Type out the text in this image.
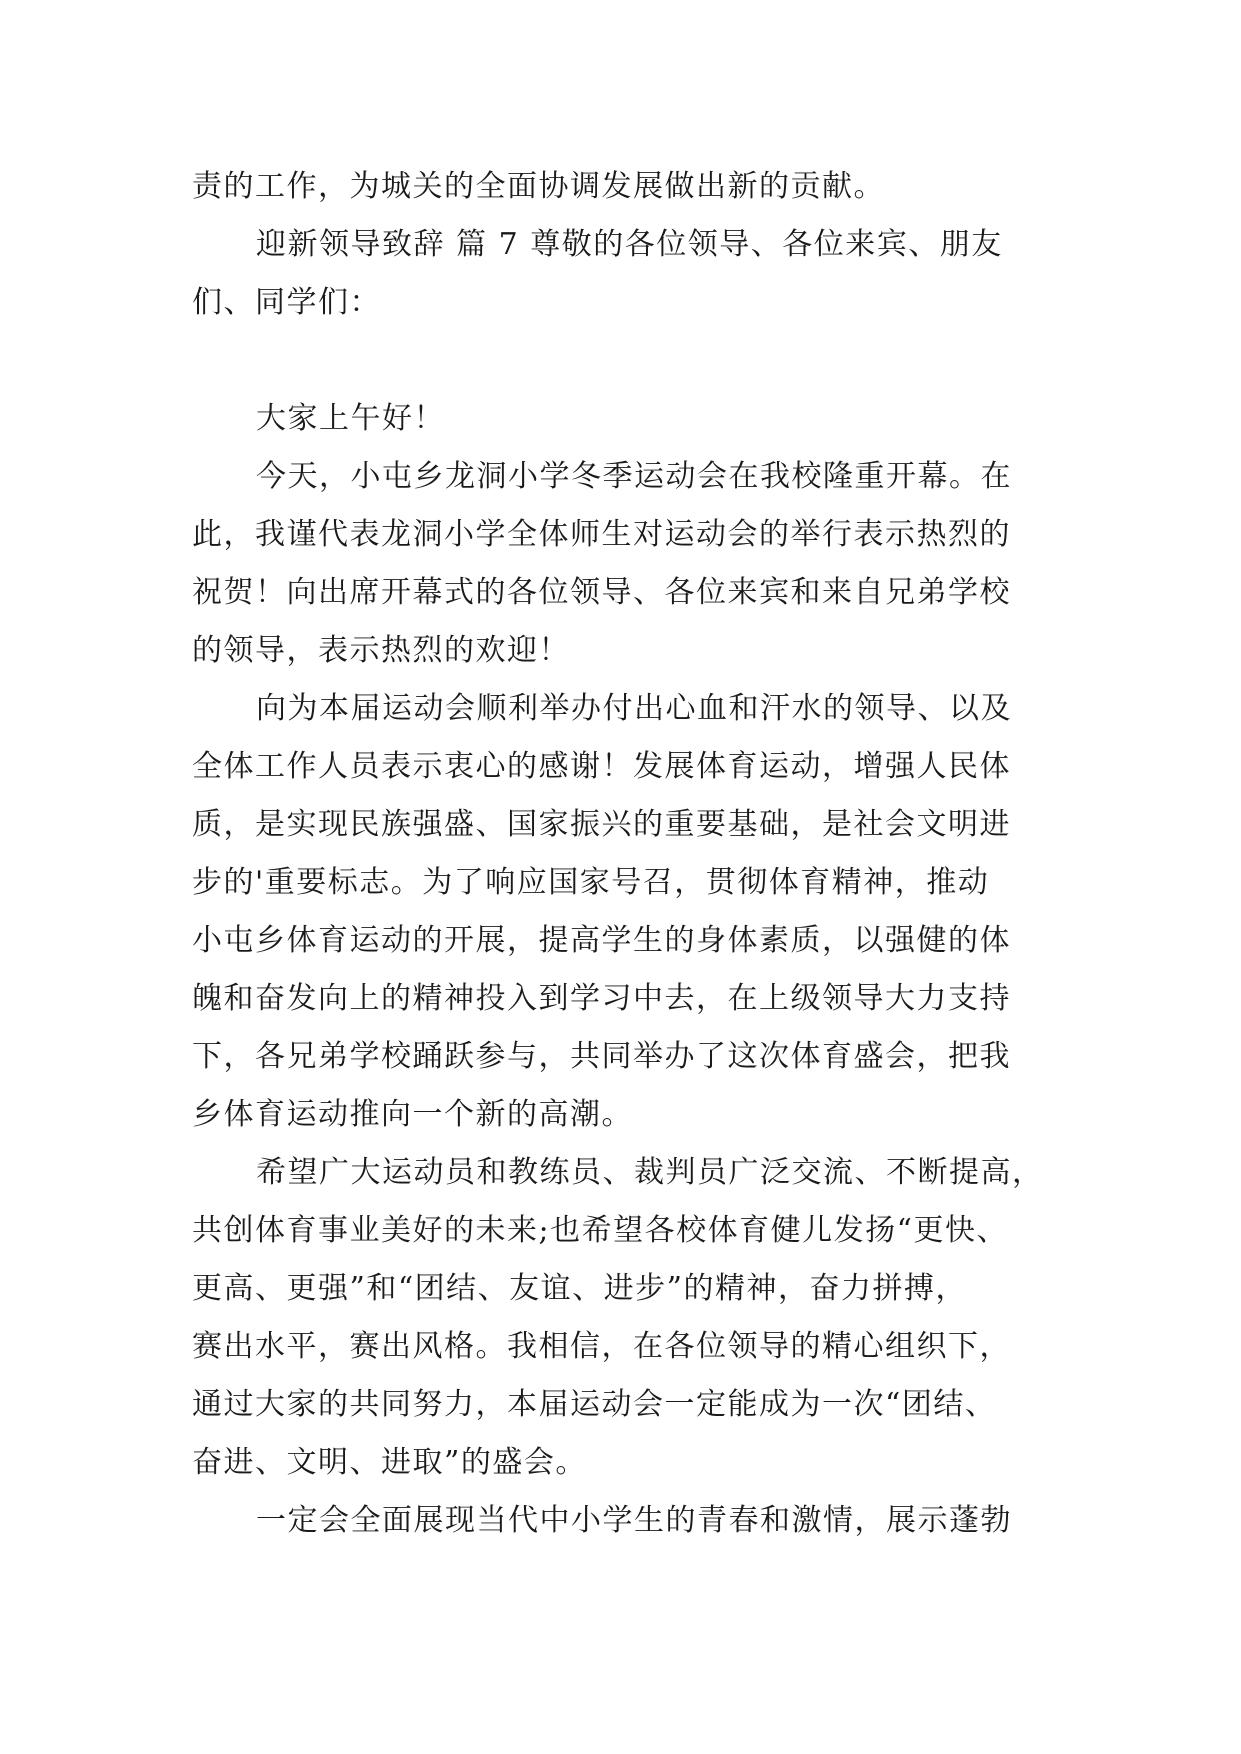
责的工作，为城关的全面协调发展做出新的贡献。
迎新领导致辞 篇 7 尊敬的各位领导、各位来宾、朋友
们、同学们：
大家上午好！
今天，小屯乡龙洞小学冬季运动会在我校隆重开幕。在
此，我谨代表龙洞小学全体师生对运动会的举行表示热烈的
祝贺！向出席开幕式的各位领导、各位来宾和来自兄弟学校
的领导，表示热烈的欢迎！
向为本届运动会顺利举办付出心血和汗水的领导、以及
全体工作人员表示衷心的感谢！发展体育运动，增强人民体
质，是实现民族强盛、国家振兴的重要基础，是社会文明进
步的'重要标志。为了响应国家号召，贯彻体育精神，推动
小屯乡体育运动的开展，提高学生的身体素质，以强健的体
魄和奋发向上的精神投入到学习中去，在上级领导大力支持
下，各兄弟学校踊跃参与，共同举办了这次体育盛会，把我
乡体育运动推向一个新的高潮。
希望广大运动员和教练员、裁判员广泛交流、不断提高，
共创体育事业美好的未来;也希望各校体育健儿发扬“更快、
更高、更强”和“团结、友谊、进步”的精神，奋力拼搏，
赛出水平，赛出风格。我相信，在各位领导的精心组织下，
通过大家的共同努力，本届运动会一定能成为一次“团结、
奋进、文明、进取”的盛会。
一定会全面展现当代中小学生的青春和激情，展示蓬勃
